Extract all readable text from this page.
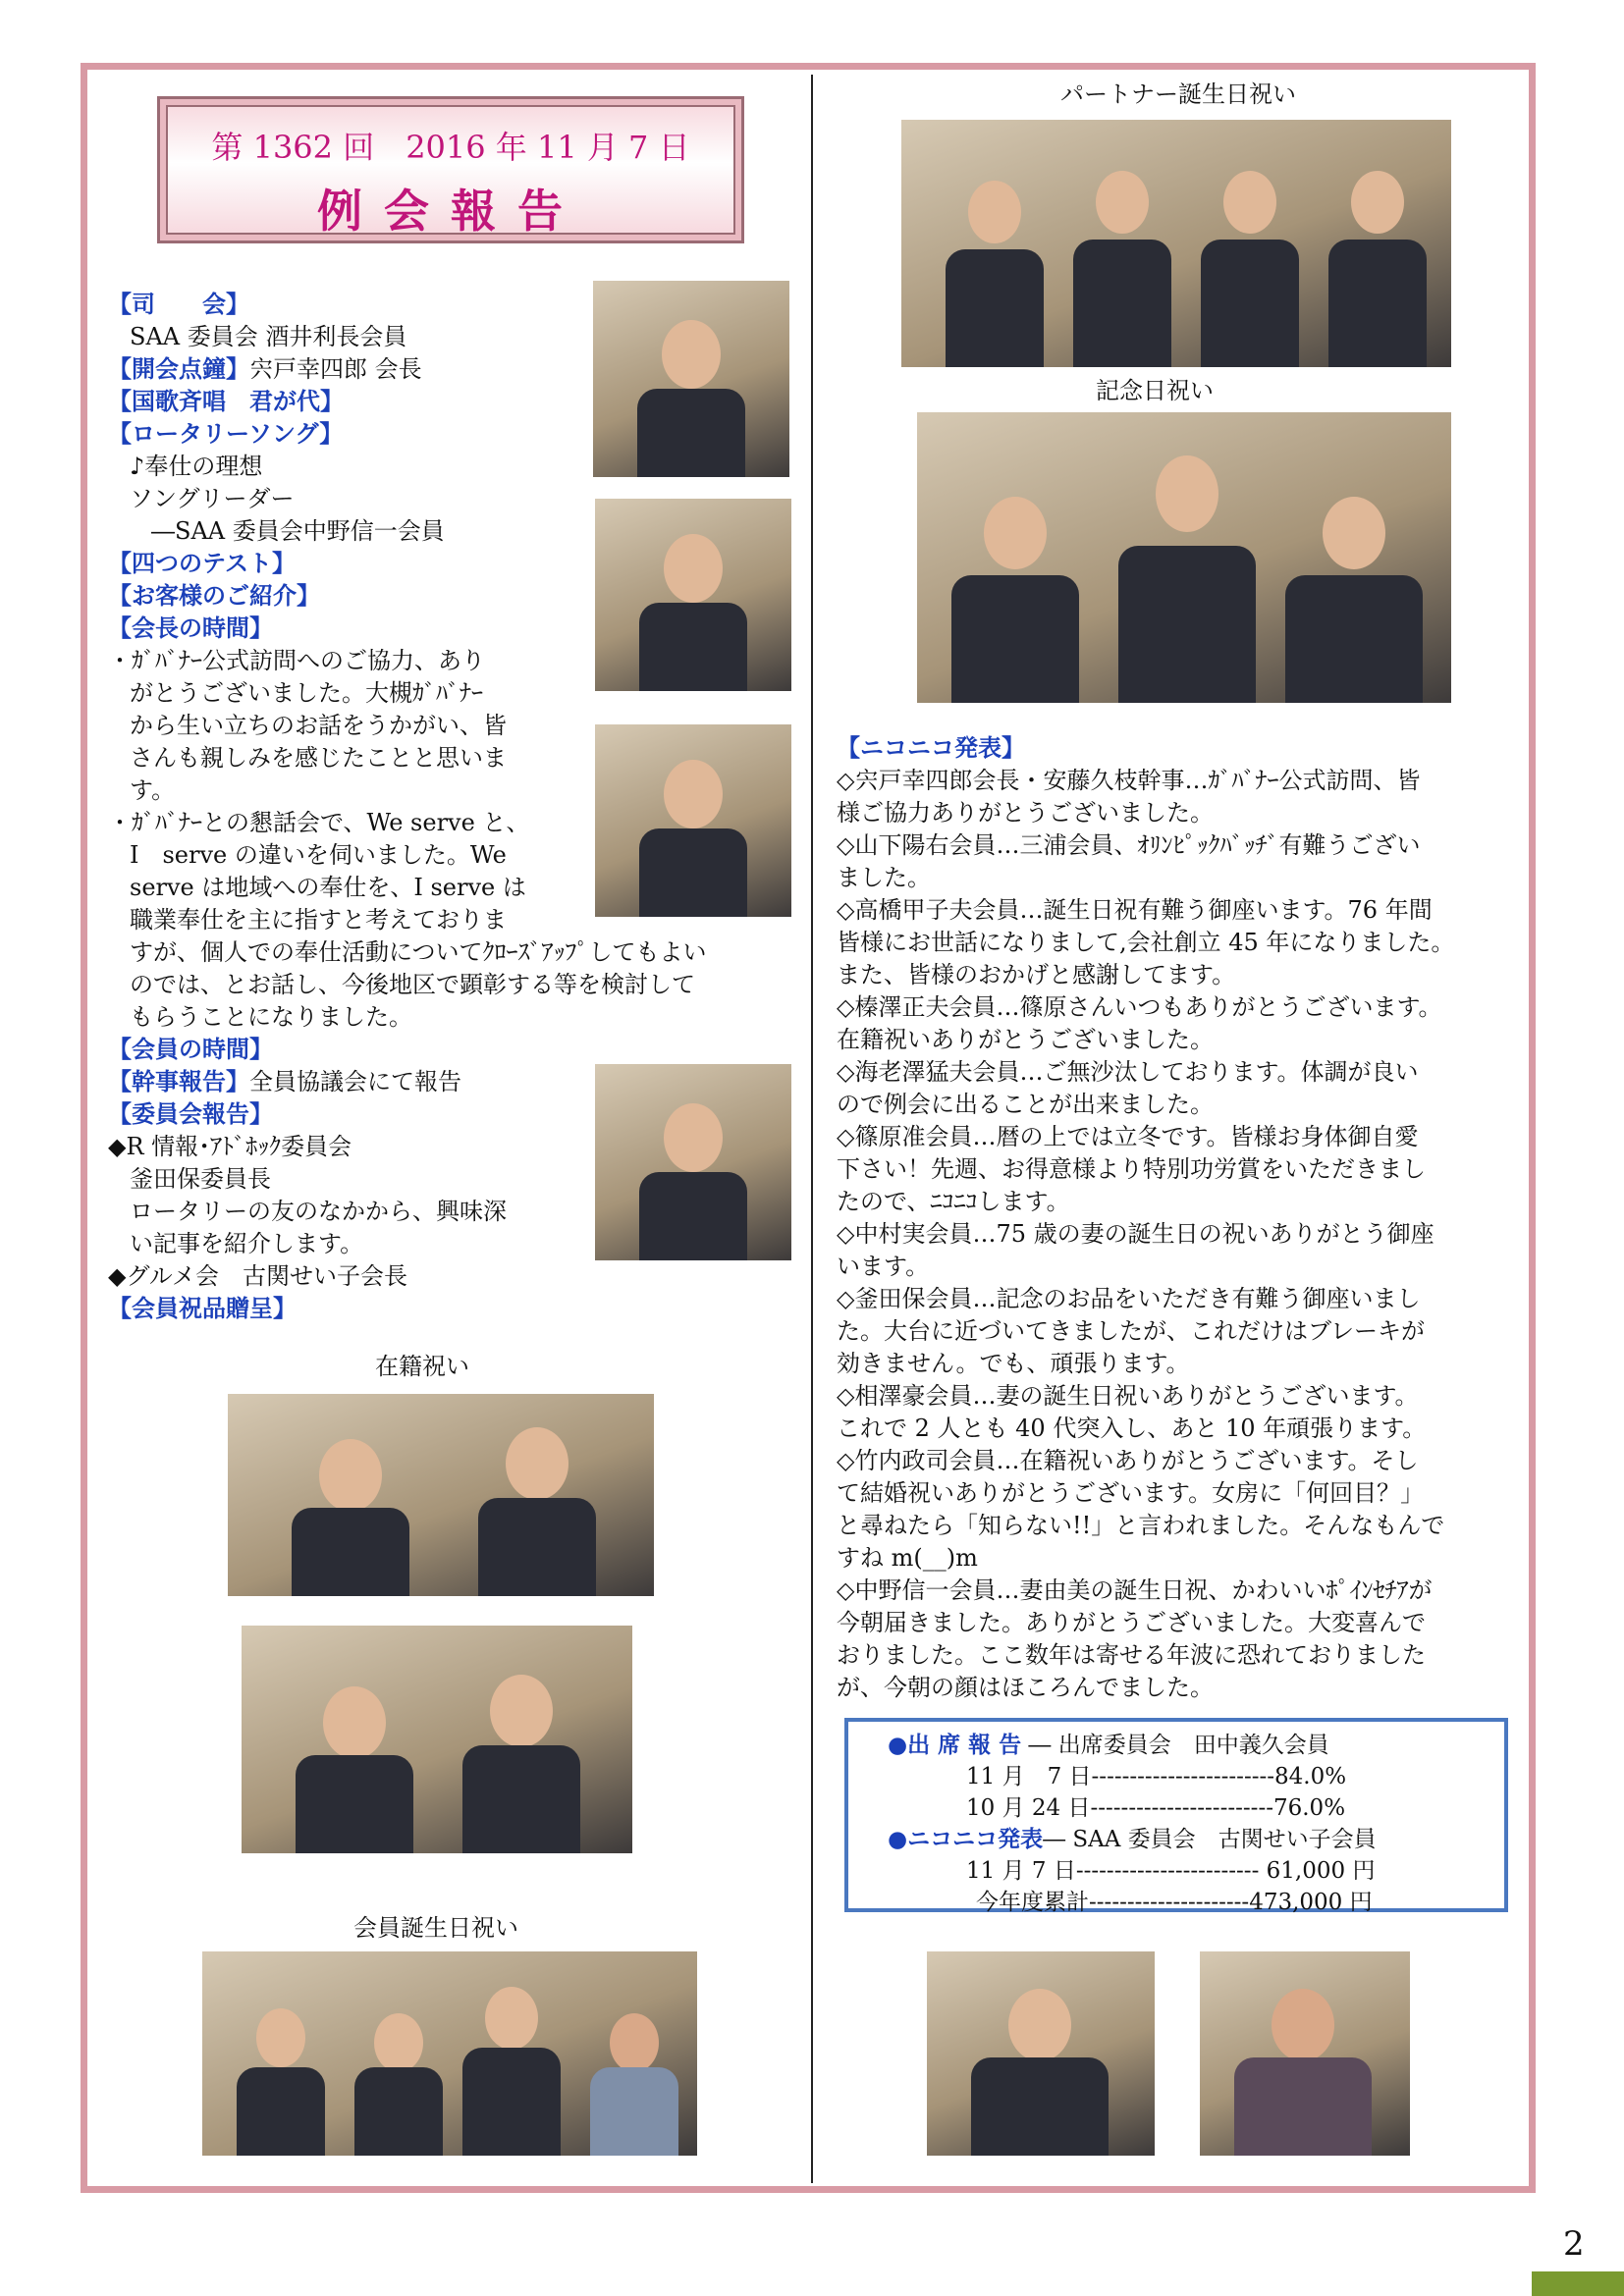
第 1362 回　2016 年 11 月 7 日
例会報告
【司　　会】
SAA 委員会 酒井利長会員
【開会点鐘】宍戸幸四郎 会長
【国歌斉唱　君が代】
【ロータリーソング】
♪奉仕の理想
ソングリーダー
―SAA 委員会中野信一会員
【四つのテスト】
【お客様のご紹介】
【会長の時間】
・ｶﾞﾊﾞﾅｰ公式訪問へのご協力、あり
がとうございました。大槻ｶﾞﾊﾞﾅｰ
から生い立ちのお話をうかがい、皆
さんも親しみを感じたことと思いま
す。
・ｶﾞﾊﾞﾅｰとの懇話会で、We serve と、
I　serve の違いを伺いました。We
serve は地域への奉仕を、I serve は
職業奉仕を主に指すと考えておりま
すが、個人での奉仕活動についてｸﾛｰｽﾞｱｯﾌﾟしてもよい
のでは、とお話し、今後地区で顕彰する等を検討して
もらうことになりました。
【会員の時間】
【幹事報告】全員協議会にて報告
【委員会報告】
◆R 情報･ｱﾄﾞﾎｯｸ委員会
釜田保委員長
ロータリーの友のなかから、興味深
い記事を紹介します。
◆グルメ会　古関せい子会長
【会員祝品贈呈】
在籍祝い
会員誕生日祝い
パートナー誕生日祝い
記念日祝い
【ニコニコ発表】
◇宍戸幸四郎会長・安藤久枝幹事…ｶﾞﾊﾞﾅｰ公式訪問、皆
様ご協力ありがとうございました。
◇山下陽右会員…三浦会員、ｵﾘﾝﾋﾟｯｸﾊﾞｯﾁﾞ有難うござい
ました。
◇高橋甲子夫会員…誕生日祝有難う御座います。76 年間
皆様にお世話になりまして,会社創立 45 年になりました。
また、皆様のおかげと感謝してます。
◇榛澤正夫会員…篠原さんいつもありがとうございます。
在籍祝いありがとうございました。
◇海老澤猛夫会員…ご無沙汰しております。体調が良い
ので例会に出ることが出来ました。
◇篠原准会員…暦の上では立冬です。皆様お身体御自愛
下さい！先週、お得意様より特別功労賞をいただきまし
たので、ﾆｺﾆｺします。
◇中村実会員…75 歳の妻の誕生日の祝いありがとう御座
います。
◇釜田保会員…記念のお品をいただき有難う御座いまし
た。大台に近づいてきましたが、これだけはブレーキが
効きません。でも、頑張ります。
◇相澤豪会員…妻の誕生日祝いありがとうございます。
これで 2 人とも 40 代突入し、あと 10 年頑張ります。
◇竹内政司会員…在籍祝いありがとうございます。そし
て結婚祝いありがとうございます。女房に「何回目？」
と尋ねたら「知らない!!」と言われました。そんなもんで
すね m(__)m
◇中野信一会員…妻由美の誕生日祝、かわいいﾎﾟｲﾝｾﾁｱが
今朝届きました。ありがとうございました。大変喜んで
おりました。ここ数年は寄せる年波に恐れておりました
が、今朝の顔はほころんでました。
●出 席 報 告 ― 出席委員会　田中義久会員
11 月　7 日------------------------84.0%
10 月 24 日------------------------76.0%
●ニコニコ発表― SAA 委員会　古関せい子会員
11 月 7 日------------------------ 61,000 円
今年度累計---------------------473,000 円
2
